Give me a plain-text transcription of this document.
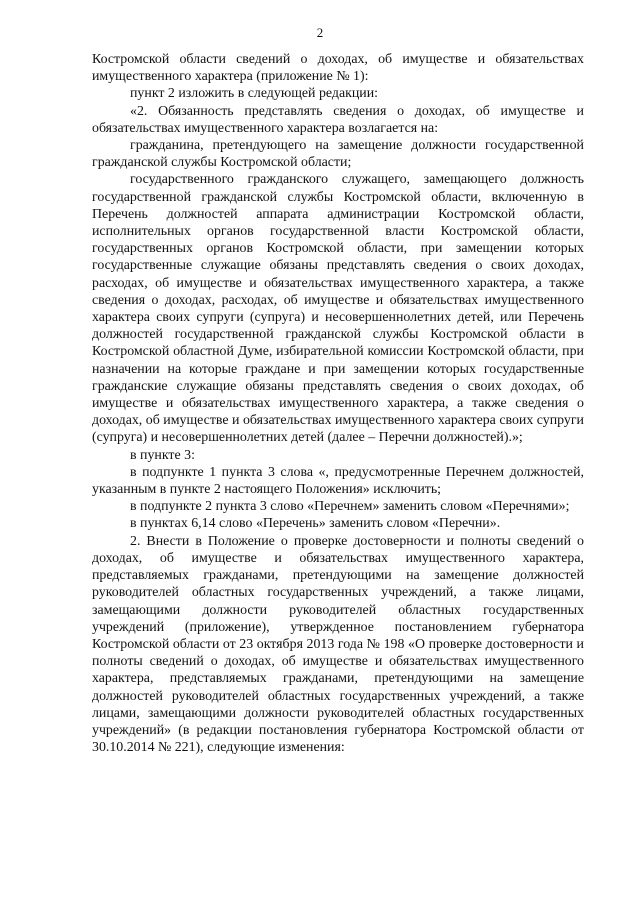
2

Костромской области сведений о доходах, об имуществе и обязательствах имущественного характера (приложение № 1):

пункт 2 изложить в следующей редакции:

«2. Обязанность представлять сведения о доходах, об имуществе и обязательствах имущественного характера возлагается на:

гражданина, претендующего на замещение должности государственной гражданской службы Костромской области;

государственного гражданского служащего, замещающего должность государственной гражданской службы Костромской области, включенную в Перечень должностей аппарата администрации Костромской области, исполнительных органов государственной власти Костромской области, государственных органов Костромской области, при замещении которых государственные служащие обязаны представлять сведения о своих доходах, расходах, об имуществе и обязательствах имущественного характера, а также сведения о доходах, расходах, об имуществе и обязательствах имущественного характера своих супруги (супруга) и несовершеннолетних детей, или Перечень должностей государственной гражданской службы Костромской области в Костромской областной Думе, избирательной комиссии Костромской области, при назначении на которые граждане и при замещении которых государственные гражданские служащие обязаны представлять сведения о своих доходах, об имуществе и обязательствах имущественного характера, а также сведения о доходах, об имуществе и обязательствах имущественного характера своих супруги (супруга) и несовершеннолетних детей (далее – Перечни должностей).»;

в пункте 3:

в подпункте 1 пункта 3 слова «, предусмотренные Перечнем должностей, указанным в пункте 2 настоящего Положения» исключить;

в подпункте 2 пункта 3 слово «Перечнем» заменить словом «Перечнями»;

в пунктах 6,14 слово «Перечень» заменить словом «Перечни».

2. Внести в Положение о проверке достоверности и полноты сведений о доходах, об имуществе и обязательствах имущественного характера, представляемых гражданами, претендующими на замещение должностей руководителей областных государственных учреждений, а также лицами, замещающими должности руководителей областных государственных учреждений (приложение), утвержденное постановлением губернатора Костромской области от 23 октября 2013 года № 198 «О проверке достоверности и полноты сведений о доходах, об имуществе и обязательствах имущественного характера, представляемых гражданами, претендующими на замещение должностей руководителей областных государственных учреждений, а также лицами, замещающими должности руководителей областных государственных учреждений» (в редакции постановления губернатора Костромской области от 30.10.2014 № 221), следующие изменения:
